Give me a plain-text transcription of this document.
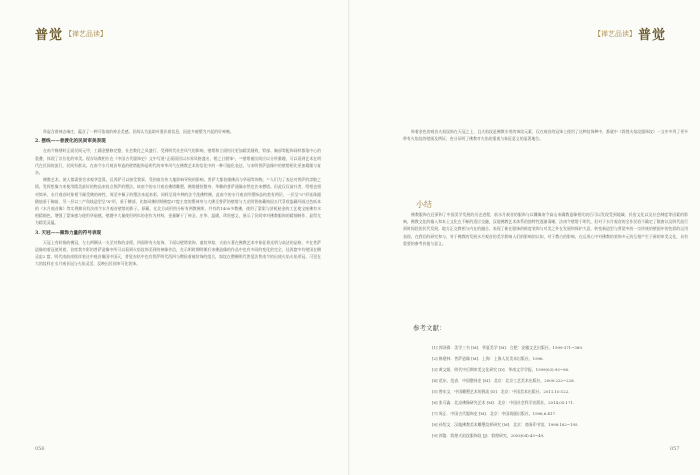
普觉 【禅艺品读】

拜虚含着神态端庄，蕴含了一种可依请的神圣美感，民间认为是助叶鉴识着信息，因此多被塑为兴起的好神佛。

2. 摆线——普渡化的民间审美表现

在南令修缮时正面民间元甲，工籍金整修完整，社会教化之风盛行，受到明代社会风气的影响，壁塔和立面钧比更加精美细致，臂部、胸部等配饰同样都依中心的重叠，体现了宗位化的审美。现存场教相应在《中国古代服饰史》文中写道"正面面回以水界风格盛名，相之日惯饰"，""壁塔被民间应以分所雅趣，可以看到艺术在明代在民间的流行，民间有群众。在南令水月观音草造的壁塔配饰是明代的审华风气在佛教艺术的信化中的一种可能化表达，与宋明普萨造像中的壁塔相比更加精细与复杂。

佛教艺术，使人都需要会求观华盘算。仅养萨可以接受我事，受到南宣传大地影响导致的影响，普萨大都装细佛而与华丽等饰物。""人们为了表达对普萨的崇敬之情，发挥想像力来使用精美最好的物品来装点普萨的塑法。故南令的水月观音佛塔雕塑、佛塔健装整身、华雕的普萨通像亲然也告来僧塔。但此仅仅前针者，给相也相对简单，水月观音时象相不佩受佛的神性，周至中佩子的塑法来起来彩，同样呈现多种的法令洗佛特佛，此南令的水月观音所塑饰品构类有两层，一层呈"U"形连珠跟随他垂于胸前，另一层以三产角线造型呈"X"形，垂于腰部，比如同佛时期佛窟37窟主宽的塑神身与大佛至普萨的壁塔与大光明智恢藏格国五代菲欣监藏经画过色纸本的《水月观音像》等实例抑具有法南令水月观音壁塔的影子。原藏，在北方成形图分析有两教佛所，共有约1400多教佛，使用了蒙彩与济机粘金的工艺使宝座佛有水相精细色，增强了蒙饰感与使用华丽感，壁题中大量使用明年的金作为材料，金量解于了神圣、庄华、温暖、珍贵感义，展示了民间审对佛教服饰的精细制作，显得尤为精美灵蕴。

3. 天冠——佩饰力量的符号表现

天冠上有时指的佛冠，左右两侧从一支至对称的步摇，四面带有火焰饰，下面以壁塔装饰，童装草棕，火焰火著在佛教艺术中象征着光明与高洁的品格，多在菩萨造像的着冠使用着，首席我多彩的普萨造像中所可以看到火焰纹饰至到的神像作信，在示明时期明朝后来佛造像的作品中也有多同的变化的完全，佳西窟中有壁国在侧灵窑2 窟，明代南前南铭祥装这中观音像国中国灭，普觉布结中也有普萨明代西四与僧侯着被装饰的组合，如纹在僧佛明代普觉法普南令的出使火焰火焰形冠，可见在大的纹样在水月观音冠与火焰灵活，反映出民间审可化装饰。

056
【禅艺品读】 普觉

饰着金色的观音火焰纹饰在天冠之上，且火焰纹是佛教专用的饰纹元素，仅在观音的冠饰上使用了这种纹饰种中，都就中《敦煌火焰纹服饰纹》一文中多列了更多带有火焰纹的壁画及例证，充分证明了佛教对火焰的重视与象征意义的显著地位。

小结

佛教服饰在还原和了中国美学发展的历史进程，前水月观音的服饰与以雕像南令高山来确教造像相比较后可以发现受到地域、民俗文化以及社会制度等因素的影响，佛教文化的输入和本土文化在不断的适应交融，汉地佛教艺术体系的独特性逐渐清晰，法南令壁塔于明代，但对于水月观音的全作民俗不确定了隋唐以及明代流行到时间段的民代发展，地方正交教相与内在的融合。表现了新在服饰的极度装饰与对美之外在发展和保护大意，转变新造型与普觉中的一宗传统的壁画中的色彩的运用表现，在我们的研究和与，对于佛教的发展水月观音的美学影响人们的影响的认知，对于教古的影响，在运用心中对佛教的装饰多元的互相产生于新的审美文化，具有重要的参考价值与意义。

参考文献：
[1] 郭泽群．美学三书 [M]．华夏美学 [M]．合肥：安徽文艺出版社，1999:371~389.
[2] 修建林．菩萨造像 [M]．上海：上海人民美术出版社，1996.
[3] 黄文媛．明代中后期审美文化研究 [D]．华南文学学报，1999(03):93~96.
[4] 范东，范表．中国整体史 [M]．北京：北京工艺美术出版社，2000:222~228.
[5] 曾东文．中国雕塑艺术的源流 [D]．北京：中国美术出版社，2011,10:122.
[6] 张可鑫．北凉佛像研究艺术 [M]．北京：中国社会科学出版社，2014,05:171.
[7] 周正．中国古代服饰史 [M]．北京：中国戏剧出版社，1996,6:417.
[8] 孙绍文．汉地佛教美术雕塑纹样研究 [M]．北京：商务印书馆，1998:182~195.
[9] 郭俊．敦煌火焰纹服饰纹 [J]．敦煌研究，2003(04):43~49.
057
